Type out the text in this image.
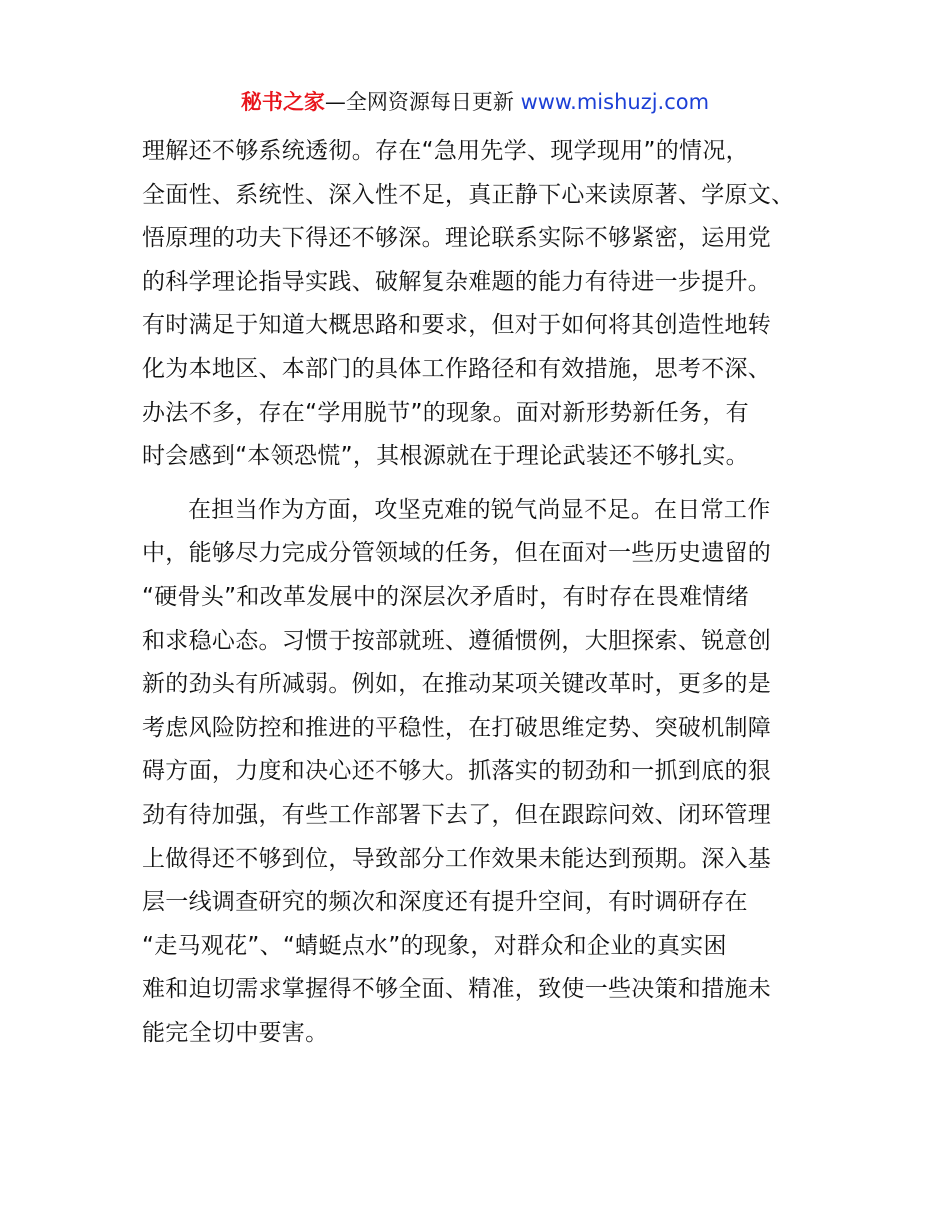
秘书之家—全网资源每日更新 www.mishuzj.com
理解还不够系统透彻。存在“急用先学、现学现用”的情况，
全面性、系统性、深入性不足，真正静下心来读原著、学原文、
悟原理的功夫下得还不够深。理论联系实际不够紧密，运用党
的科学理论指导实践、破解复杂难题的能力有待进一步提升。
有时满足于知道大概思路和要求，但对于如何将其创造性地转
化为本地区、本部门的具体工作路径和有效措施，思考不深、
办法不多，存在“学用脱节”的现象。面对新形势新任务，有
时会感到“本领恐慌”，其根源就在于理论武装还不够扎实。
在担当作为方面，攻坚克难的锐气尚显不足。在日常工作
中，能够尽力完成分管领域的任务，但在面对一些历史遗留的
“硬骨头”和改革发展中的深层次矛盾时，有时存在畏难情绪
和求稳心态。习惯于按部就班、遵循惯例，大胆探索、锐意创
新的劲头有所减弱。例如，在推动某项关键改革时，更多的是
考虑风险防控和推进的平稳性，在打破思维定势、突破机制障
碍方面，力度和决心还不够大。抓落实的韧劲和一抓到底的狠
劲有待加强，有些工作部署下去了，但在跟踪问效、闭环管理
上做得还不够到位，导致部分工作效果未能达到预期。深入基
层一线调查研究的频次和深度还有提升空间，有时调研存在
“走马观花”、“蜻蜓点水”的现象，对群众和企业的真实困
难和迫切需求掌握得不够全面、精准，致使一些决策和措施未
能完全切中要害。
